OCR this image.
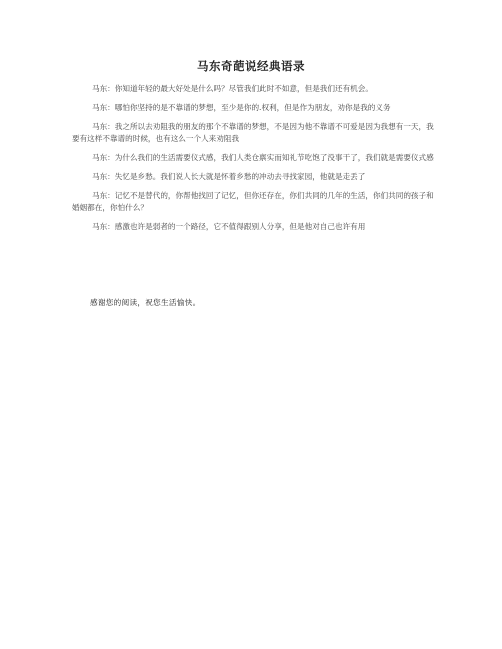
马东奇葩说经典语录

马东：你知道年轻的最大好处是什么吗？尽管我们此时不如意，但是我们还有机会。

马东：哪怕你坚持的是不靠谱的梦想，至少是你的.权利，但是作为朋友，劝你是我的义务

马东：我之所以去劝阻我的朋友的那个不靠谱的梦想，不是因为他不靠谱不可爱是因为我想有一天，我要有这样不靠谱的时候，也有这么一个人来劝阻我

马东：为什么我们的生活需要仪式感，我们人类仓禀实而知礼节吃饱了没事干了，我们就是需要仪式感

马东：失忆是乡愁。我们说人长大就是怀着乡愁的冲动去寻找家园，他就是走丢了

马东：记忆不是替代的，你帮他找回了记忆，但你还存在，你们共同的几年的生活，你们共同的孩子和婚姻都在，你怕什么？

马东：感激也许是弱者的一个路径，它不值得跟别人分享，但是他对自己也许有用

感谢您的阅读，祝您生活愉快。
